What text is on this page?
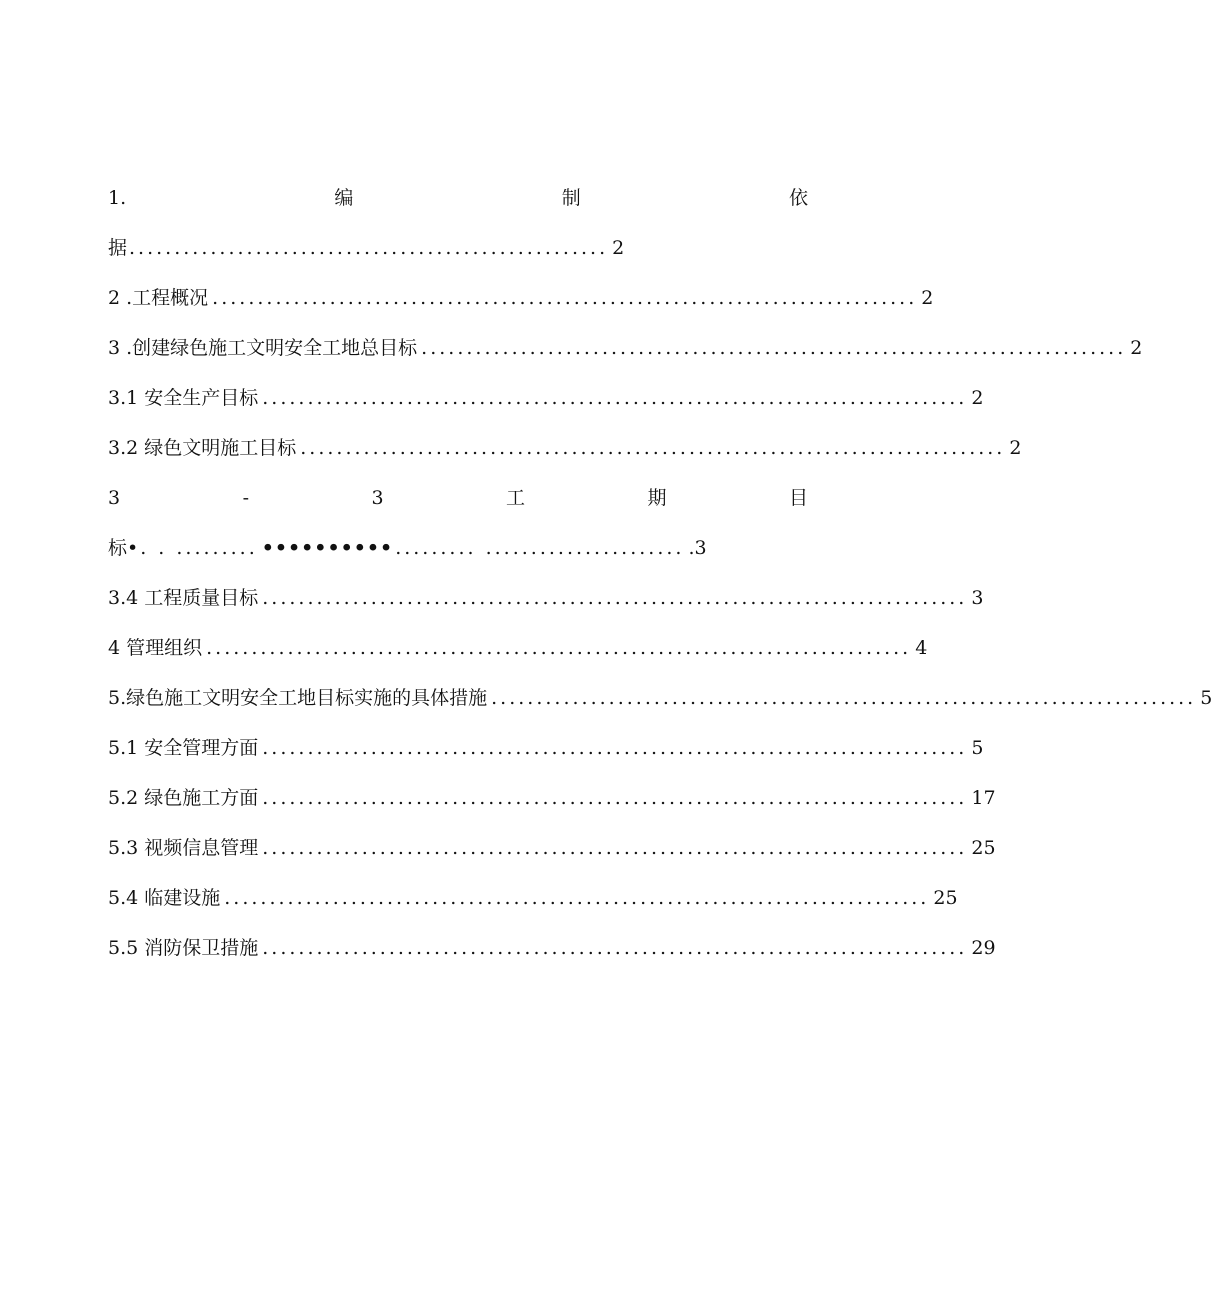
1.	编	制	依
据 ..................................................... 2
2 .工程概况 .............................................................................. 2
3 .创建绿色施工文明安全工地总目标 .............................................................................. 2
3.1 安全生产目标 .............................................................................. 2
3.2 绿色文明施工目标 .............................................................................. 2
3	-	3	工	期	目
标• . . ......... •••••••••• ......... ...................... .3
3.4 工程质量目标 .............................................................................. 3
4 管理组织 .............................................................................. 4
5.绿色施工文明安全工地目标实施的具体措施 .............................................................................. 5
5.1 安全管理方面 .............................................................................. 5
5.2 绿色施工方面 .............................................................................. 17
5.3 视频信息管理 .............................................................................. 25
5.4 临建设施 .............................................................................. 25
5.5 消防保卫措施 .............................................................................. 29
